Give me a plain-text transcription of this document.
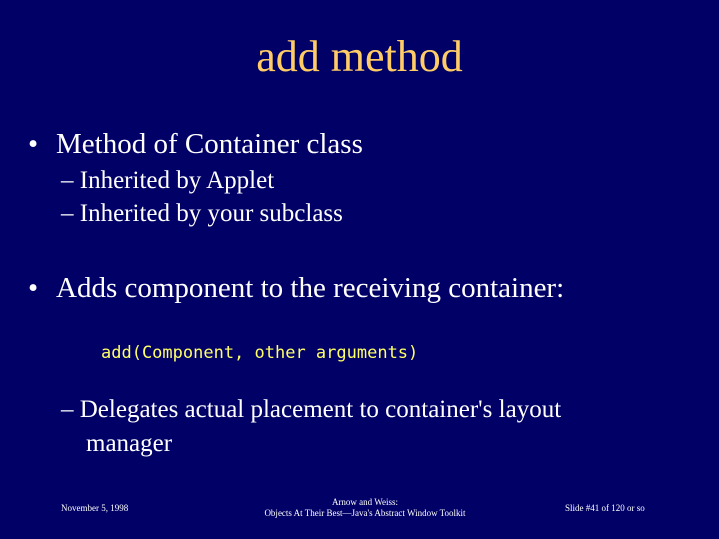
add method
• Method of Container class
– Inherited by Applet
– Inherited by your subclass
• Adds component to the receiving container:
add(Component, other arguments)
– Delegates actual placement to container's layout
manager
November 5, 1998
Arnow and Weiss:
Objects At Their Best—Java's Abstract Window Toolkit	Slide #41 of 120 or so
